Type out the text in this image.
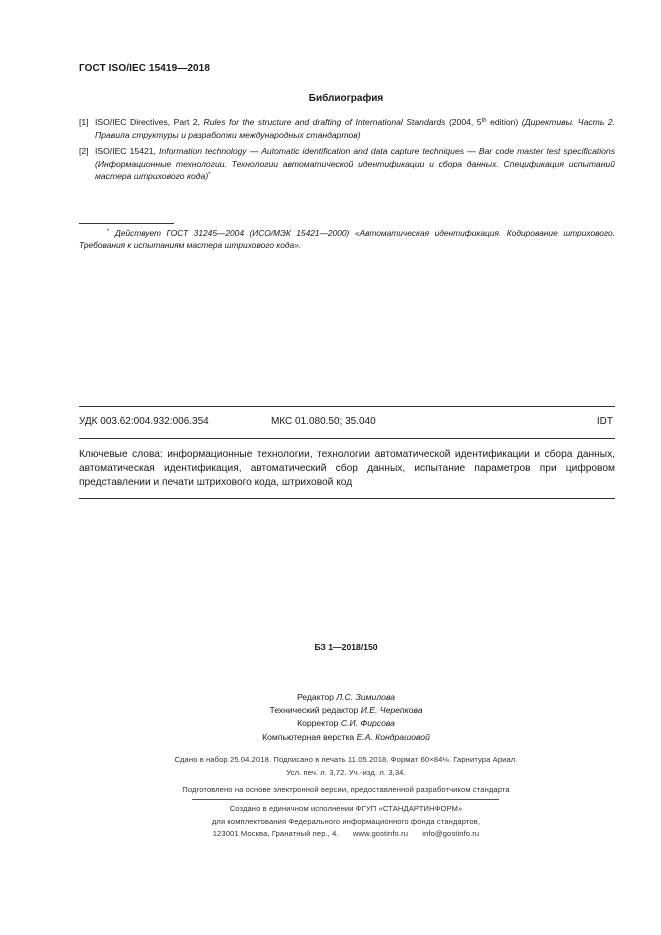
ГОСТ ISO/IEC 15419—2018
Библиография
[1] ISO/IEC Directives, Part 2, Rules for the structure and drafting of International Standards (2004, 5th edition) (Директивы. Часть 2. Правила структуры и разработки международных стандартов)
[2] ISO/IEC 15421, Information technology — Automatic identification and data capture techniques — Bar code master test specifications (Информационные технологии. Технологии автоматической идентификации и сбора данных. Спецификация испытаний мастера штрихового кода)*
* Действует ГОСТ 31245—2004 (ИСО/МЭК 15421—2000) «Автоматическая идентификация. Кодирование штрихового. Требования к испытаниям мастера штрихового кода».
УДК 003.62:004.932:006.354	МКС 01.080.50; 35.040	IDT
Ключевые слова: информационные технологии, технологии автоматической идентификации и сбора данных, автоматическая идентификация, автоматический сбор данных, испытание параметров при цифровом представлении и печати штрихового кода, штриховой код
БЗ 1—2018/150
Редактор Л.С. Зимилова
Технический редактор И.Е. Черепкова
Корректор С.И. Фирсова
Компьютерная верстка Е.А. Кондрашовой
Сдано в набор 25.04.2018. Подписано в печать 11.05.2018. Формат 60×84⅛. Гарнитура Ариал.
Усл. печ. л. 3,72. Уч.-изд. л. 3,34.
Подготовлено на основе электронной версии, предоставленной разработчиком стандарта
Создано в единичном исполнении ФГУП «СТАНДАРТИНФОРМ»
для комплектования Федерального информационного фонда стандартов,
123001 Москва, Гранатный пер., 4. www.gostinfo.ru info@gostinfo.ru
